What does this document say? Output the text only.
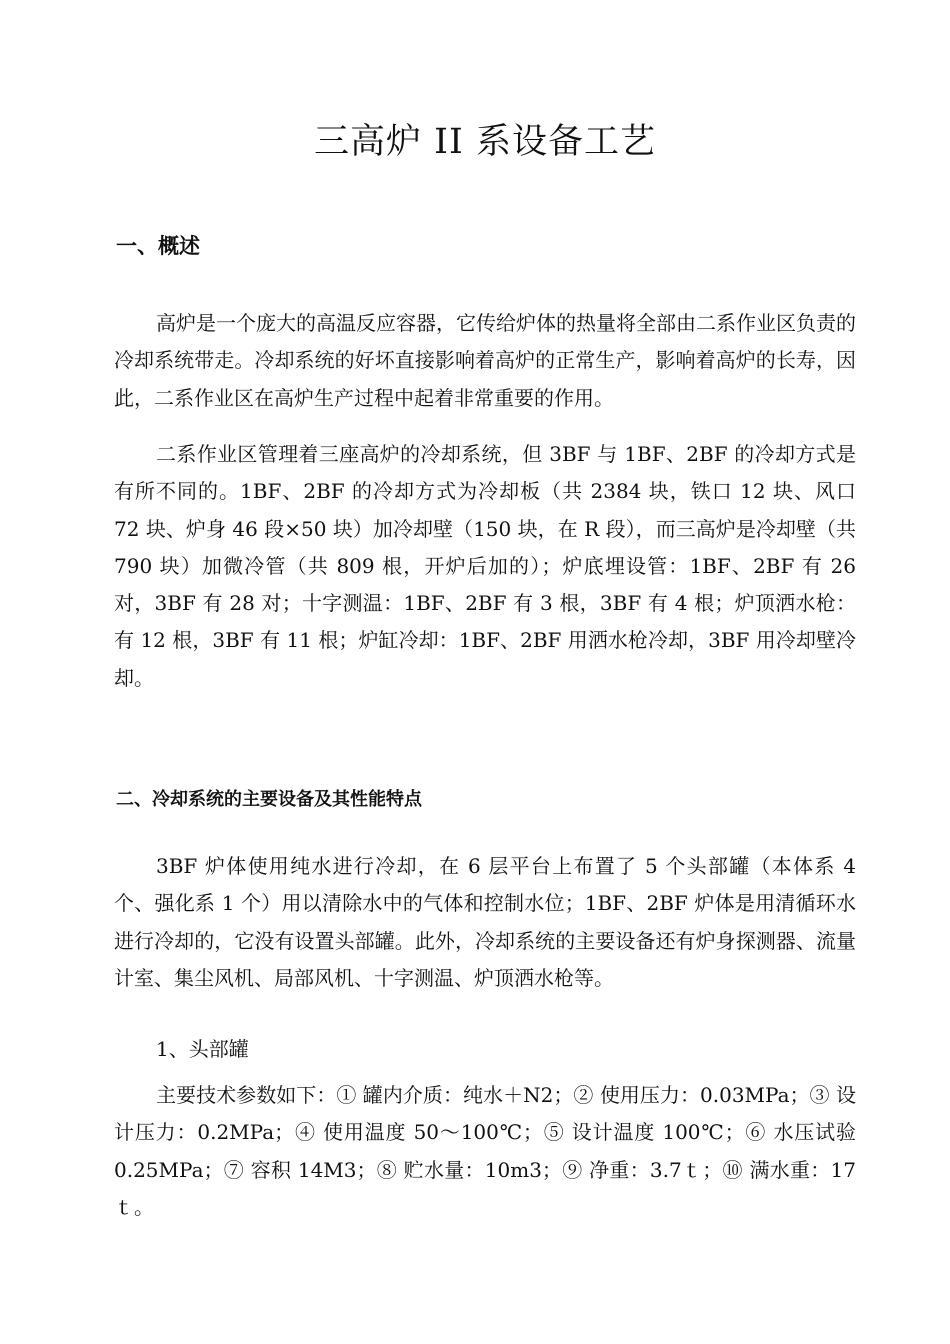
三高炉 II 系设备工艺
一、概述

高炉是一个庞大的高温反应容器，它传给炉体的热量将全部由二系作业区负责的冷却系统带走。冷却系统的好坏直接影响着高炉的正常生产，影响着高炉的长寿，因此，二系作业区在高炉生产过程中起着非常重要的作用。

二系作业区管理着三座高炉的冷却系统，但 3BF 与 1BF、2BF 的冷却方式是有所不同的。1BF、2BF 的冷却方式为冷却板（共 2384 块，铁口 12 块、风口 72 块、炉身 46 段×50 块）加冷却壁（150 块，在 R 段），而三高炉是冷却壁（共 790 块）加微冷管（共 809 根，开炉后加的）；炉底埋设管：1BF、2BF 有 26 对，3BF 有 28 对；十字测温：1BF、2BF 有 3 根，3BF 有 4 根；炉顶洒水枪：有 12 根，3BF 有 11 根；炉缸冷却：1BF、2BF 用洒水枪冷却，3BF 用冷却壁冷却。

二、冷却系统的主要设备及其性能特点

3BF 炉体使用纯水进行冷却，在 6 层平台上布置了 5 个头部罐（本体系 4 个、强化系 1 个）用以清除水中的气体和控制水位；1BF、2BF 炉体是用清循环水进行冷却的，它没有设置头部罐。此外，冷却系统的主要设备还有炉身探测器、流量计室、集尘风机、局部风机、十字测温、炉顶洒水枪等。

1、头部罐

主要技术参数如下：① 罐内介质：纯水＋N2；② 使用压力：0.03MPa；③ 设计压力：0.2MPa；④ 使用温度 50～100℃；⑤ 设计温度 100℃；⑥ 水压试验 0.25MPa；⑦ 容积 14M3；⑧ 贮水量：10m3；⑨ 净重：3.7ｔ；⑩ 满水重：17ｔ。
